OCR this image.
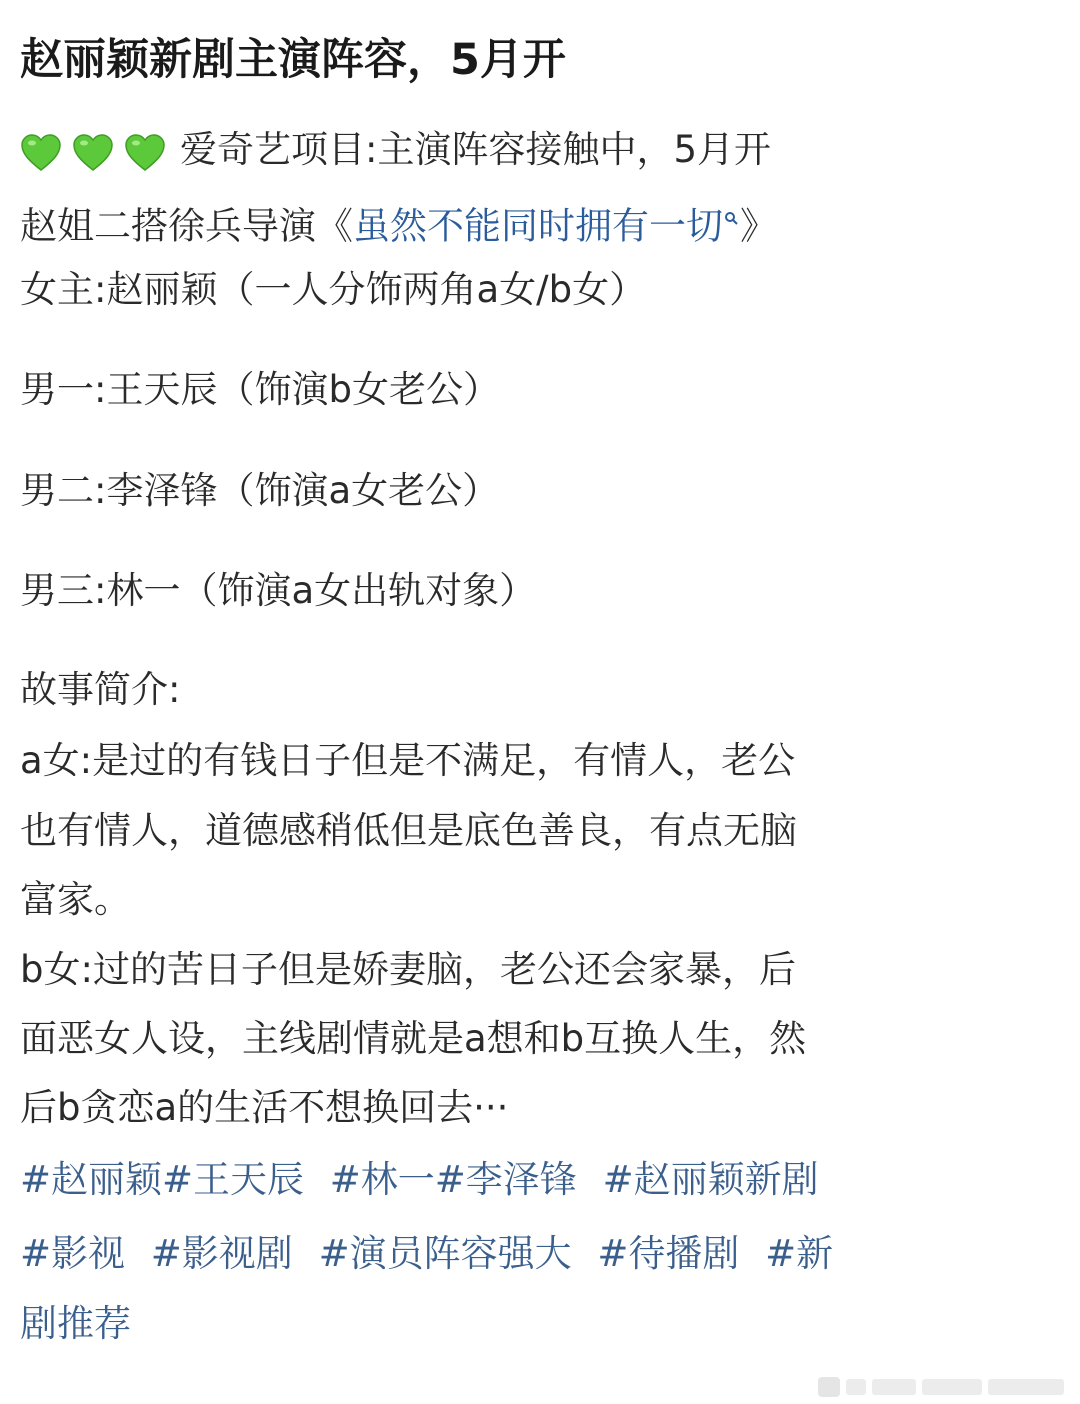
赵丽颖新剧主演阵容，5月开
爱奇艺项目:主演阵容接触中，5月开
赵姐二搭徐兵导演《虽然不能同时拥有一切 》
女主:赵丽颖（一人分饰两角a女/b女）
男一:王天辰（饰演b女老公）
男二:李泽锋（饰演a女老公）
男三:林一（饰演a女出轨对象）
故事简介:
a女:是过的有钱日子但是不满足，有情人，老公
也有情人，道德感稍低但是底色善良，有点无脑
富家。
b女:过的苦日子但是娇妻脑，老公还会家暴，后
面恶女人设，主线剧情就是a想和b互换人生，然
后b贪恋a的生活不想换回去···
#赵丽颖#王天辰 #林一#李泽锋 #赵丽颖新剧
#影视 #影视剧 #演员阵容强大 #待播剧 #新
剧推荐
